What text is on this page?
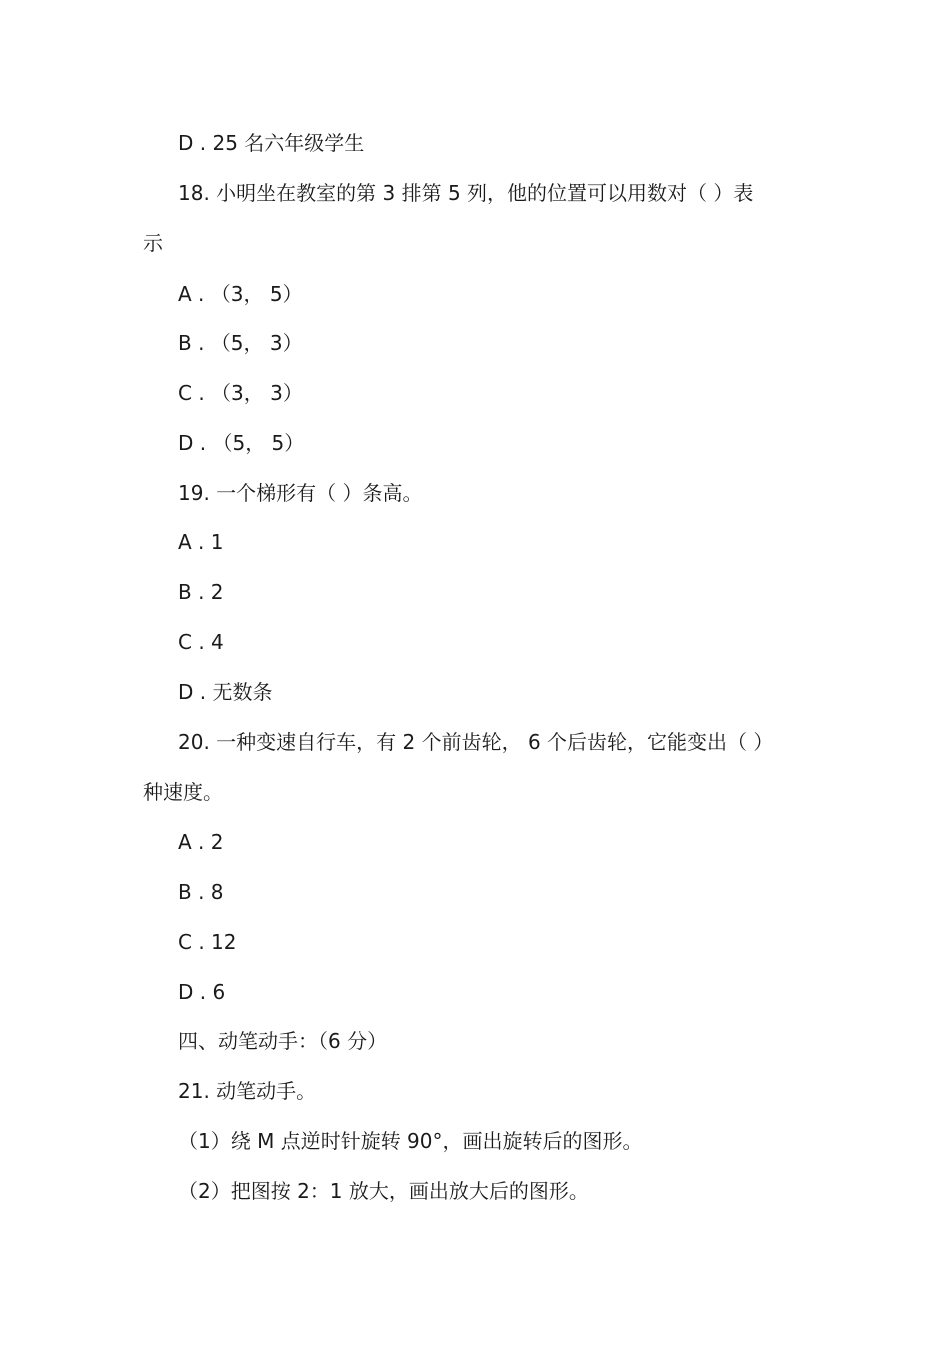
D . 25 名六年级学生
18. 小明坐在教室的第 3 排第 5 列，他的位置可以用数对（ ）表
示
A . （3， 5）
B . （5， 3）
C . （3， 3）
D . （5， 5）
19. 一个梯形有（ ）条高。
A . 1
B . 2
C . 4
D . 无数条
20. 一种变速自行车，有 2 个前齿轮， 6 个后齿轮，它能变出（ ）
种速度。
A . 2
B . 8
C . 12
D . 6
四、动笔动手：（6 分）
21. 动笔动手。
（1）绕 M 点逆时针旋转 90°，画出旋转后的图形。
（2）把图按 2：1 放大，画出放大后的图形。
